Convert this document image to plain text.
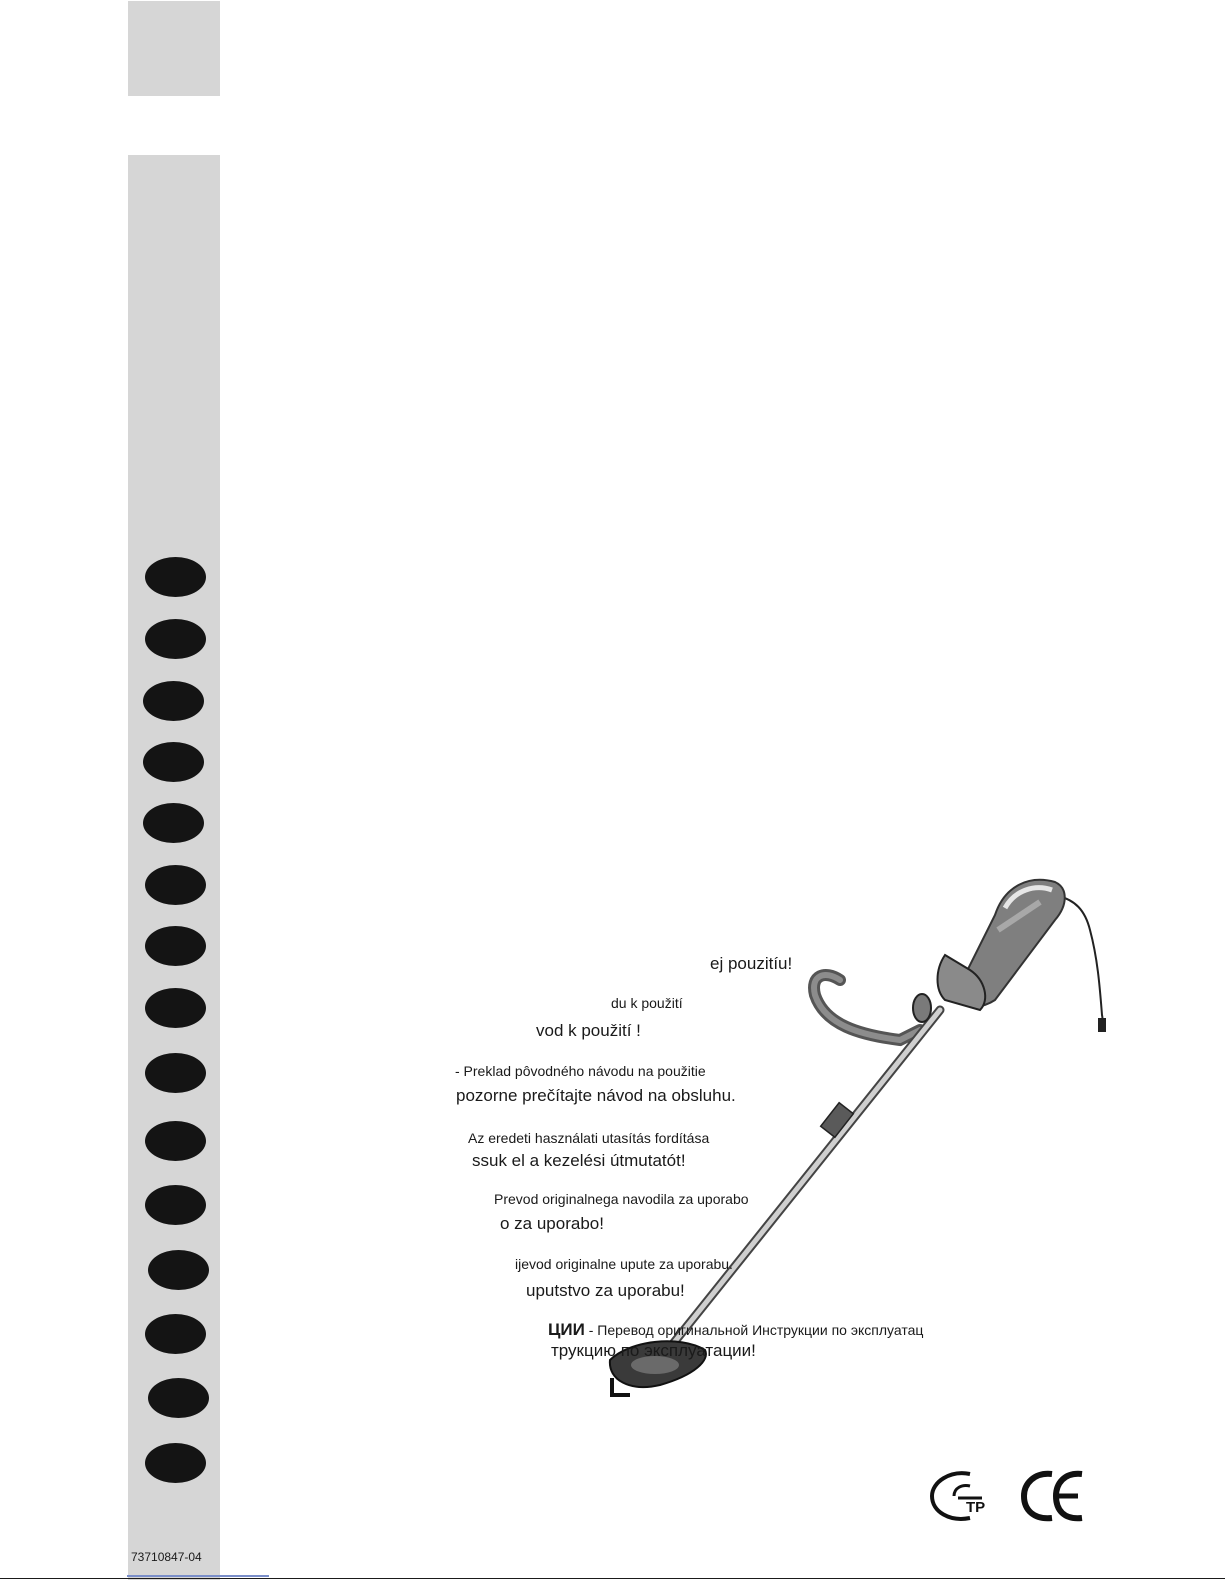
ej pouzitíu!
du k použití
vod k použití !
- Preklad pôvodného návodu na použitie
pozorne prečítajte návod na obsluhu.
Az eredeti használati utasítás fordítása
ssuk el a kezelési útmutatót!
Prevod originalnega navodila za uporabo
o za uporabo!
ijevod originalne upute za uporabu.
uputstvo za uporabu!
ЦИИ - Перевод оригинальной Инструкции по эксплуатац
трукцию по эксплуатации!
ТР
73710847-04
